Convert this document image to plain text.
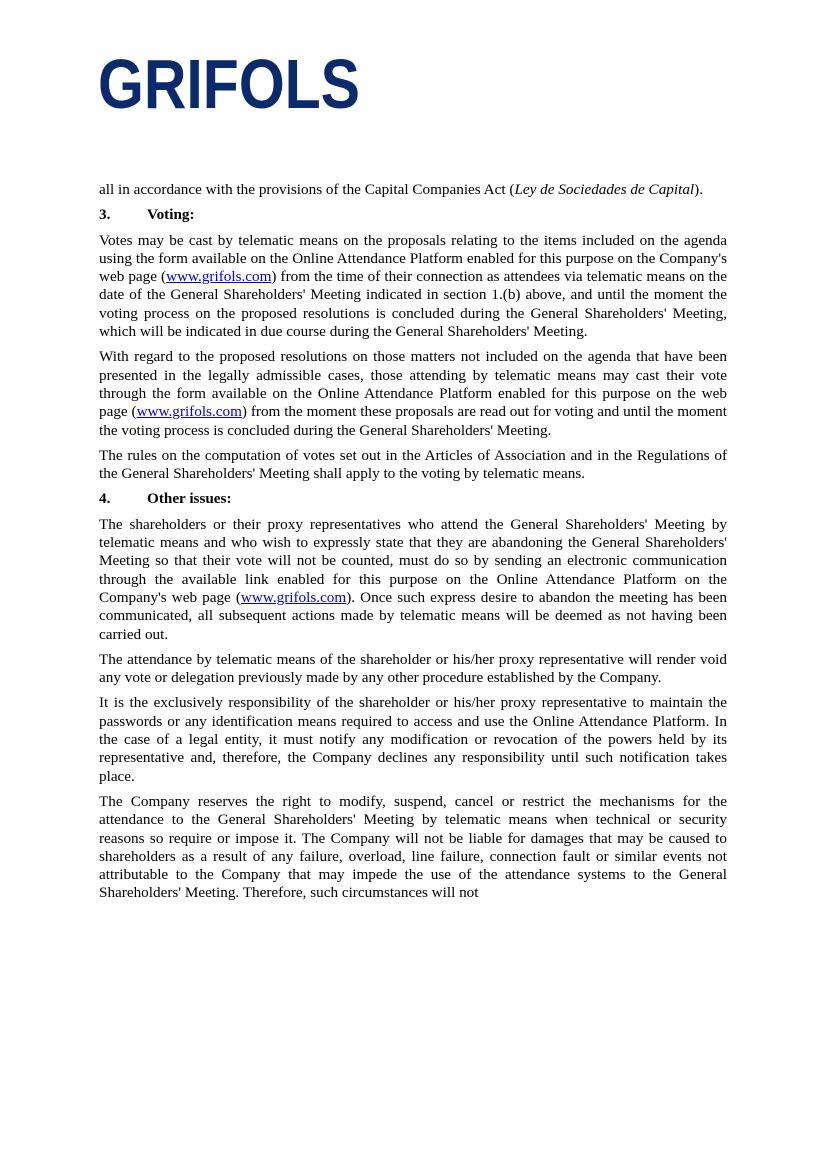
GRIFOLS

all in accordance with the provisions of the Capital Companies Act (Ley de Sociedades de Capital).

3. Voting:

Votes may be cast by telematic means on the proposals relating to the items included on the agenda using the form available on the Online Attendance Platform enabled for this purpose on the Company's web page (www.grifols.com) from the time of their connection as attendees via telematic means on the date of the General Shareholders' Meeting indicated in section 1.(b) above, and until the moment the voting process on the proposed resolutions is concluded during the General Shareholders' Meeting, which will be indicated in due course during the General Shareholders' Meeting.

With regard to the proposed resolutions on those matters not included on the agenda that have been presented in the legally admissible cases, those attending by telematic means may cast their vote through the form available on the Online Attendance Platform enabled for this purpose on the web page (www.grifols.com) from the moment these proposals are read out for voting and until the moment the voting process is concluded during the General Shareholders' Meeting.

The rules on the computation of votes set out in the Articles of Association and in the Regulations of the General Shareholders' Meeting shall apply to the voting by telematic means.

4. Other issues:

The shareholders or their proxy representatives who attend the General Shareholders' Meeting by telematic means and who wish to expressly state that they are abandoning the General Shareholders' Meeting so that their vote will not be counted, must do so by sending an electronic communication through the available link enabled for this purpose on the Online Attendance Platform on the Company's web page (www.grifols.com). Once such express desire to abandon the meeting has been communicated, all subsequent actions made by telematic means will be deemed as not having been carried out.

The attendance by telematic means of the shareholder or his/her proxy representative will render void any vote or delegation previously made by any other procedure established by the Company.

It is the exclusively responsibility of the shareholder or his/her proxy representative to maintain the passwords or any identification means required to access and use the Online Attendance Platform. In the case of a legal entity, it must notify any modification or revocation of the powers held by its representative and, therefore, the Company declines any responsibility until such notification takes place.

The Company reserves the right to modify, suspend, cancel or restrict the mechanisms for the attendance to the General Shareholders' Meeting by telematic means when technical or security reasons so require or impose it. The Company will not be liable for damages that may be caused to shareholders as a result of any failure, overload, line failure, connection fault or similar events not attributable to the Company that may impede the use of the attendance systems to the General Shareholders' Meeting. Therefore, such circumstances will not
